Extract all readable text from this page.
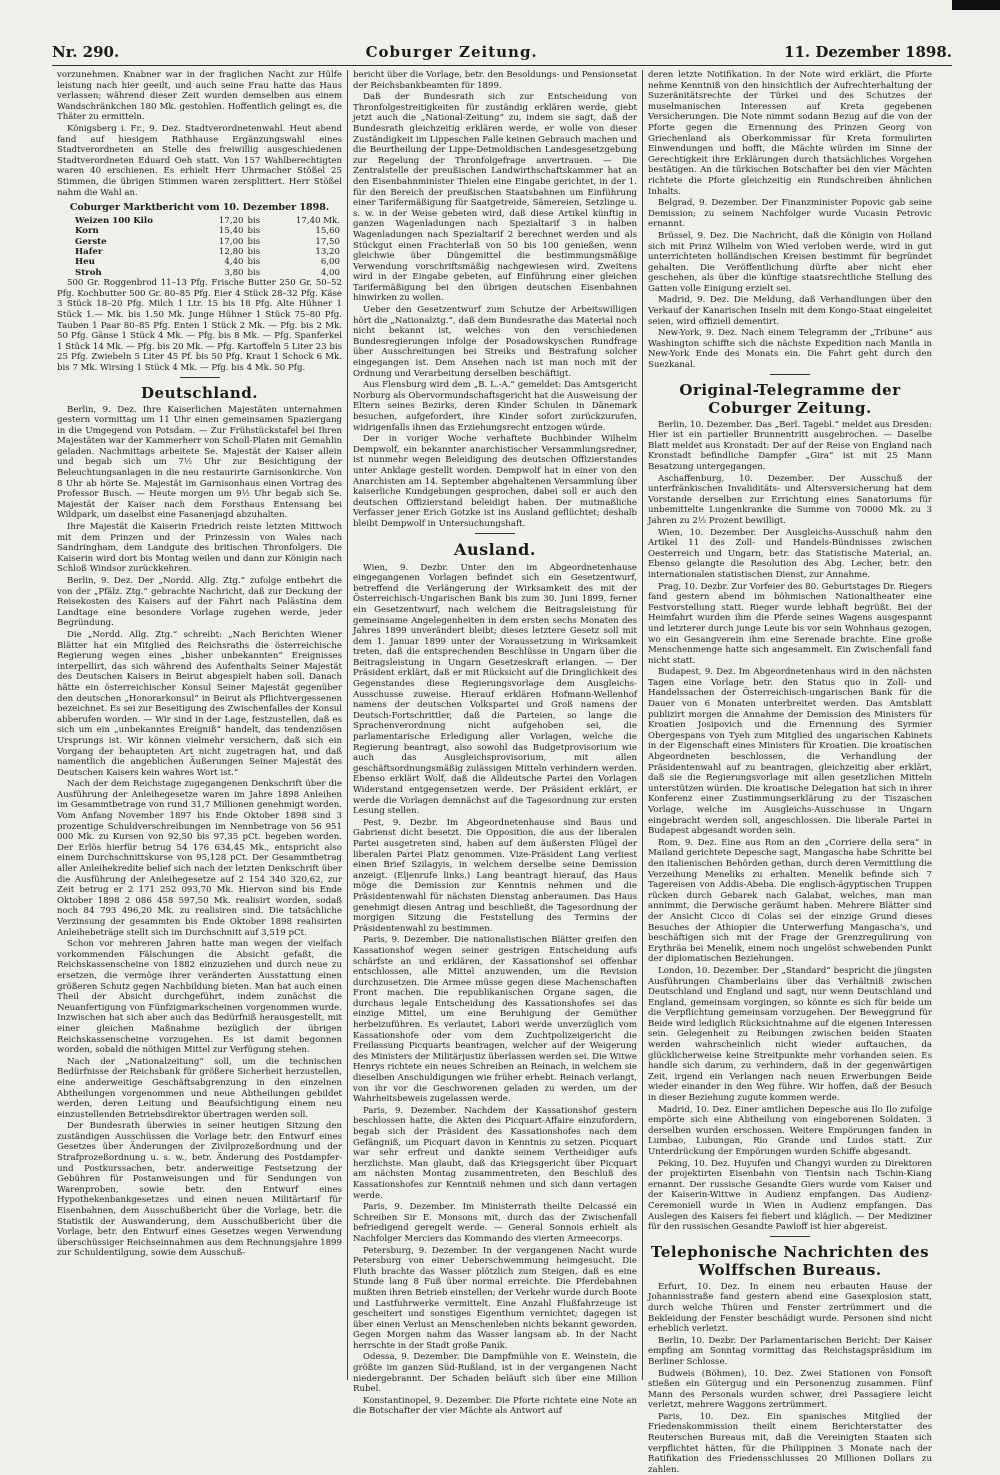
Nr. 290.	Coburger Zeitung.	11. Dezember 1898.

vorzunehmen. Knabner war in der fraglichen Nacht zur Hülfe leistung nach hier geeilt, und auch seine Frau hatte das Haus verlassen; während dieser Zeit wurden demselben aus einem Wandschränkchen 180 Mk. gestohlen. Hoffentlich gelingt es, die Thäter zu ermitteln.

Königsberg i. Fr., 9. Dez. Stadtverordnetenwahl. Heut abend fand auf hiesigem Rathhause Ergänzungswahl eines Stadtverordneten an Stelle des freiwillig ausgeschiedenen Stadtverordneten Eduard Oeh statt. Von 157 Wahlberechtigten waren 40 erschienen. Es erhielt Herr Uhrmacher Stößel 25 Stimmen, die übrigen Stimmen waren zersplittert. Herr Stößel nahm die Wahl an.

Coburger Marktbericht vom 10. Dezember 1898.
Weizen 100 Kilo	17,20	bis	17,40 Mk.
Korn	15,40	bis	15,60
Gerste	17,00	bis	17,50
Hafer	12,80	bis	13,20
Heu	4,40	bis	6,00
Stroh	3,80	bis	4,00

500 Gr. Roggenbrod 11–13 Pfg. Frische Butter 250 Gr. 50–52 Pfg. Kochbutter 500 Gr. 80–85 Pfg. Eier 4 Stück 28–32 Pfg. Käse 3 Stück 18–20 Pfg. Milch 1 Ltr. 15 bis 18 Pfg. Alte Hühner 1 Stück 1.— Mk. bis 1.50 Mk. Junge Hühner 1 Stück 75–80 Pfg. Tauben 1 Paar 80–85 Pfg. Enten 1 Stück 2 Mk. — Pfg. bis 2 Mk. 50 Pfg. Gänse 1 Stück 4 Mk. — Pfg. bis 8 Mk. — Pfg. Spanferkel 1 Stück 14 Mk. — Pfg. bis 20 Mk. — Pfg. Kartoffeln 5 Liter 23 bis 25 Pfg. Zwiebeln 5 Liter 45 Pf. bis 50 Pfg. Kraut 1 Schock 6 Mk. bis 7 Mk. Wirsing 1 Stück 4 Mk. — Pfg. bis 4 Mk. 50 Pfg.

Deutschland.

Berlin, 9. Dez. Ihre Kaiserlichen Majestäten unternahmen gestern vormittag um 11 Uhr einen gemeinsamen Spaziergang in die Umgegend von Potsdam. — Zur Frühstückstafel bei Ihren Majestäten war der Kammerherr von Scholl-Platen mit Gemahlin geladen. Nachmittags arbeitete Se. Majestät der Kaiser allein und begab sich um 7½ Uhr zur Besichtigung der Beleuchtungsanlagen in die neu restaurirte Garnisonkirche. Von 8 Uhr ab hörte Se. Majestät im Garnisonhaus einen Vortrag des Professor Busch. — Heute morgen um 9½ Uhr begab sich Se. Majestät der Kaiser nach dem Forsthaus Entensang bei Wildpark, um daselbst eine Fasanenjagd abzuhalten.

Ihre Majestät die Kaiserin Friedrich reiste letzten Mittwoch mit dem Prinzen und der Prinzessin von Wales nach Sandringham, dem Landgute des britischen Thronfolgers. Die Kaiserin wird dort bis Montag weilen und dann zur Königin nach Schloß Windsor zurückkehren.

Berlin, 9. Dez. Der „Nordd. Allg. Ztg.“ zufolge entbehrt die von der „Pfälz. Ztg.“ gebrachte Nachricht, daß zur Deckung der Reisekosten des Kaisers auf der Fahrt nach Palästina dem Landtage eine besondere Vorlage zugehen werde, jeder Begründung.

Die „Nordd. Allg. Ztg.“ schreibt: „Nach Berichten Wiener Blätter hat ein Mitglied des Reichsraths die österreichische Regierung wegen eines „bisher unbekannten“ Ereignisses interpellirt, das sich während des Aufenthalts Seiner Majestät des Deutschen Kaisers in Beirut abgespielt haben soll. Danach hätte ein österreichischer Konsul Seiner Majestät gegenüber den deutschen „Honorarkonsul“ in Beirut als Pflichtvergessenen bezeichnet. Es sei zur Beseitigung des Zwischenfalles der Konsul abberufen worden. — Wir sind in der Lage, festzustellen, daß es sich um ein „unbekanntes Ereigniß“ handelt, das tendenziösen Ursprungs ist. Wir können vielmehr versichern, daß sich ein Vorgang der behaupteten Art nicht zugetragen hat, und daß namentlich die angeblichen Äußerungen Seiner Majestät des Deutschen Kaisers kein wahres Wort ist.“

Nach der dem Reichstage zugegangenen Denkschrift über die Ausführung der Anleihegesetze waren im Jahre 1898 Anleihen im Gesammtbetrage von rund 31,7 Millionen genehmigt worden. Vom Anfang November 1897 bis Ende Oktober 1898 sind 3 prozentige Schuldverschreibungen im Nennbetrage von 56 951 000 Mk. zu Kursen von 92,50 bis 97,35 pCt. begeben worden. Der Erlös hierfür betrug 54 176 634,45 Mk., entspricht also einem Durchschnittskurse von 95,128 pCt. Der Gesammtbetrag aller Anleihekredite belief sich nach der letzten Denkschrift über die Ausführung der Anleihegesetze auf 2 154 340 320,62, zur Zeit betrug er 2 171 252 093,70 Mk. Hiervon sind bis Ende Oktober 1898 2 086 458 597,50 Mk. realisirt worden, sodaß noch 84 793 496,20 Mk. zu realisiren sind. Die tatsächliche Verzinsung der gesammten bis Ende Oktober 1898 realisirten Anleihebeträge stellt sich im Durchschnitt auf 3,519 pCt.

Schon vor mehreren Jahren hatte man wegen der vielfach vorkommenden Fälschungen die Absicht gefaßt, die Reichskassenscheine von 1882 einzuziehen und durch neue zu ersetzen, die vermöge ihrer veränderten Ausstattung einen größeren Schutz gegen Nachbildung bieten. Man hat auch einen Theil der Absicht durchgeführt, indem zunächst die Neuanfertigung von Fünfzigmarkscheinen vorgenommen wurde. Inzwischen hat sich aber auch das Bedürfniß herausgestellt, mit einer gleichen Maßnahme bezüglich der übrigen Reichskassenscheine vorzugehen. Es ist damit begonnen worden, sobald die nöthigen Mittel zur Verfügung stehen.

Nach der „Nationalzeitung“ soll, um die technischen Bedürfnisse der Reichsbank für größere Sicherheit herzustellen, eine anderweitige Geschäftsabgrenzung in den einzelnen Abtheilungen vorgenommen und neue Abtheilungen gebildet werden, deren Leitung und Beaufsichtigung einem neu einzustellenden Betriebsdirektor übertragen werden soll.

Der Bundesrath überwies in seiner heutigen Sitzung den zuständigen Ausschüssen die Vorlage betr. den Entwurf eines Gesetzes über Änderungen der Zivilprozeßordnung und der Strafprozeßordnung u. s. w., betr. Änderung des Postdampfer- und Postkurssachen, betr. anderweitige Festsetzung der Gebühren für Postanweisungen und für Sendungen von Warenproben, sowie betr. den Entwurf eines Hypothekenbankgesetzes und einen neuen Militärtarif für Eisenbahnen, dem Ausschußbericht über die Vorlage, betr. die Statistik der Auswanderung, dem Ausschußbericht über die Vorlage, betr. den Entwurf eines Gesetzes wegen Verwendung überschüssiger Reichseinnahmen aus dem Rechnungsjahre 1899 zur Schuldentilgung, sowie dem Ausschuß-

bericht über die Vorlage, betr. den Besoldungs- und Pensionsetat der Reichsbankbeamten für 1899.

Daß der Bundesrath sich zur Entscheidung von Thronfolgestreitigkeiten für zuständig erklären werde, giebt jetzt auch die „National-Zeitung“ zu, indem sie sagt, daß der Bundesrath gleichzeitig erklären werde, er wolle von dieser Zuständigkeit im Lippeschen Falle keinen Gebrauch machen und die Beurtheilung der Lippe-Detmoldischen Landesgesetzgebung zur Regelung der Thronfolgefrage anvertrauen. — Die Zentralstelle der preußischen Landwirthschaftskammer hat an den Eisenbahnminister Thielen eine Eingabe gerichtet, in der 1. für den Bereich der preußischen Staatsbahnen um Einführung einer Tarifermäßigung für Saatgetreide, Sämereien, Setzlinge u. s. w. in der Weise gebeten wird, daß diese Artikel künftig in ganzen Wagenladungen nach Spezialtarif 3 in halben Wagenladungen nach Spezialtarif 2 berechnet werden und als Stückgut einen Frachterlaß von 50 bis 100 genießen, wenn gleichwie über Düngemittel die bestimmungsmäßige Verwendung vorschriftsmäßig nachgewiesen wird. Zweitens wird in der Eingabe gebeten, auf Einführung einer gleichen Tarifermäßigung bei den übrigen deutschen Eisenbahnen hinwirken zu wollen.

Ueber den Gesetzentwurf zum Schutze der Arbeitswilligen hört die „Nationalztg.“, daß dem Bundesrathe das Material noch nicht bekannt ist, welches von den verschiedenen Bundesregierungen infolge der Posadowskyschen Rundfrage über Ausschreitungen bei Streiks und Bestrafung solcher eingegangen ist. Dem Ansehen nach ist man noch mit der Ordnung und Verarbeitung derselben beschäftigt.

Aus Flensburg wird dem „B. L.-A.“ gemeldet: Das Amtsgericht Norburg als Obervormundschaftsgericht hat die Ausweisung der Eltern seines Bezirks, deren Kinder Schulen in Dänemark besuchen, aufgefordert, ihre Kinder sofort zurückzurufen, widrigenfalls ihnen das Erziehungsrecht entzogen würde.

Der in voriger Woche verhaftete Buchbinder Wilhelm Dempwolf, ein bekannter anarchistischer Versammlungsredner, ist nunmehr wegen Beleidigung des deutschen Offizierstandes unter Anklage gestellt worden. Dempwolf hat in einer von den Anarchisten am 14. September abgehaltenen Versammlung über kaiserliche Kundgebungen gesprochen, dabei soll er auch den deutschen Offizierstand beleidigt haben. Der mutmaßliche Verfasser jener Erich Gotzke ist ins Ausland geflüchtet; deshalb bleibt Dempwolf in Untersuchungshaft.

Ausland.

Wien, 9. Dezbr. Unter den im Abgeordnetenhause eingegangenen Vorlagen befindet sich ein Gesetzentwurf, betreffend die Verlängerung der Wirksamkeit des mit der Österreichisch-Ungarischen Bank bis zum 30. Juni 1899, ferner ein Gesetzentwurf, nach welchem die Beitragsleistung für gemeinsame Angelegenheiten in dem ersten sechs Monaten des Jahres 1899 unverändert bleibt; dieses letztere Gesetz soll mit dem 1. Januar 1899 unter der Voraussetzung in Wirksamkeit treten, daß die entsprechenden Beschlüsse in Ungarn über die Beitragsleistung in Ungarn Gesetzeskraft erlangen. — Der Präsident erklärt, daß er mit Rücksicht auf die Dringlichkeit des Gegenstandes diese Regierungsvorlage dem Ausgleichs-Ausschusse zuweise. Hierauf erklären Hofmann-Wellenhof namens der deutschen Volkspartei und Groß namens der Deutsch-Fortschrittler, daß die Parteien, so lange die Sprachenverordnung nicht aufgehoben sei, die parlamentarische Erledigung aller Vorlagen, welche die Regierung beantragt, also sowohl das Budgetprovisorium wie auch das Ausgleichsprovisorium, mit allen geschäftsordnungsmäßig zulässigen Mitteln verhindern werden. Ebenso erklärt Wolf, daß die Alldeutsche Partei den Vorlagen Widerstand entgegensetzen werde. Der Präsident erklärt, er werde die Vorlagen demnächst auf die Tagesordnung zur ersten Lesung stellen.

Pest, 9. Dezbr. Im Abgeordnetenhause sind Baus und Gabrienst dicht besetzt. Die Opposition, die aus der liberalen Partei ausgetreten sind, haben auf dem äußersten Flügel der liberalen Partei Platz genommen. Vize-Präsident Lang verliest einen Brief Szilagyis, in welchem derselbe seine Demission anzeigt. (Eljenrufe links.) Lang beantragt hierauf, das Haus möge die Demission zur Kenntnis nehmen und die Präsidentenwahl für nächsten Dienstag anberaumen. Das Haus genehmigt diesen Antrag und beschließt, die Tagesordnung der morgigen Sitzung die Feststellung des Termins der Präsidentenwahl zu bestimmen.

Paris, 9. Dezember. Die nationalistischen Blätter greifen den Kassationshof wegen seiner gestrigen Entscheidung aufs schärfste an und erklären, der Kassationshof sei offenbar entschlossen, alle Mittel anzuwenden, um die Revision durchzusetzen. Die Armee müsse gegen diese Machenschaften Front machen. Die republikanischen Organe sagen, die durchaus legale Entscheidung des Kassationshofes sei das einzige Mittel, um eine Beruhigung der Gemüther herbeizuführen. Es verlautet, Labori werde unverzüglich vom Kassationshofe oder vom dem Zuchtpolizeigericht die Freilassung Picquarts beantragen, welcher auf der Weigerung des Ministers der Militärjustiz überlassen werden sei. Die Witwe Henrys richtete ein neues Schreiben an Reinach, in welchem sie dieselben Anschuldigungen wie früher erhebt. Reinach verlangt, von ihr vor die Geschworenen geladen zu werden, um der Wahrheitsbeweis zugelassen werde.

Paris, 9. Dezember. Nachdem der Kassationshof gestern beschlossen hatte, die Akten des Picquart-Affaire einzufordern, begab sich der Präsident des Kassationshofes nach dem Gefängniß, um Picquart davon in Kenntnis zu setzen. Picquart war sehr erfreut und dankte seinem Vertheidiger aufs herzlichste. Man glaubt, daß das Kriegsgericht über Picquart am nächsten Montag zusammentreten, den Beschluß des Kassationshofes zur Kenntniß nehmen und sich dann vertagen werde.

Paris, 9. Dezember. Im Ministerrath theilte Delcassé ein Schreiben Sir E. Monsons mit, durch das der Zwischenfall befriedigend geregelt werde. — General Sonnois erhielt als Nachfolger Merciers das Kommando des vierten Armeecorps.

Petersburg, 9. Dezember. In der vergangenen Nacht wurde Petersburg von einer Ueberschwemmung heimgesucht. Die Fluth brachte das Wasser plötzlich zum Steigen, daß es eine Stunde lang 8 Fuß über normal erreichte. Die Pferdebahnen mußten ihren Betrieb einstellen; der Verkehr wurde durch Boote und Lastfuhrwerke vermittelt. Eine Anzahl Flußfahrzeuge ist gescheitert und sonstiges Eigenthum vernichtet; dagegen ist über einen Verlust an Menschenleben nichts bekannt geworden. Gegen Morgen nahm das Wasser langsam ab. In der Nacht herrschte in der Stadt große Panik.

Odessa, 9. Dezember. Die Dampfmühle von E. Weinstein, die größte im ganzen Süd-Rußland, ist in der vergangenen Nacht niedergebrannt. Der Schaden beläuft sich über eine Million Rubel.

Konstantinopel, 9. Dezember. Die Pforte richtete eine Note an die Botschafter der vier Mächte als Antwort auf

deren letzte Notifikation. In der Note wird erklärt, die Pforte nehme Kenntniß von den hinsichtlich der Aufrechterhaltung der Suzeränitätsrechte der Türkei und des Schutzes der muselmanischen Interessen auf Kreta gegebenen Versicherungen. Die Note nimmt sodann Bezug auf die von der Pforte gegen die Ernennung des Prinzen Georg von Griechenland als Oberkommissar für Kreta formulirten Einwendungen und hofft, die Mächte würden im Sinne der Gerechtigkeit ihre Erklärungen durch thatsächliches Vorgehen bestätigen. An die türkischen Botschafter bei den vier Mächten richtete die Pforte gleichzeitig ein Rundschreiben ähnlichen Inhalts.

Belgrad, 9. Dezember. Der Finanzminister Popovic gab seine Demission; zu seinem Nachfolger wurde Vucasin Petrovic ernannt.

Brüssel, 9. Dez. Die Nachricht, daß die Königin von Holland sich mit Prinz Wilhelm von Wied verloben werde, wird in gut unterrichteten holländischen Kreisen bestimmt für begründet gehalten. Die Veröffentlichung dürfte aber nicht eher geschehen, als über die künftige staatsrechtliche Stellung des Gatten volle Einigung erzielt sei.

Madrid, 9. Dez. Die Meldung, daß Verhandlungen über den Verkauf der Kanarischen Inseln mit dem Kongo-Staat eingeleitet seien, wird offiziell dementirt.

New-York, 9. Dez. Nach einem Telegramm der „Tribune“ aus Washington schiffte sich die nächste Expedition nach Manila in New-York Ende des Monats ein. Die Fahrt geht durch den Suezkanal.

Original-Telegramme der Coburger Zeitung.

Berlin, 10. Dezember. Das „Berl. Tagebl.“ meldet aus Dresden: Hier ist ein partieller Brunnentritt ausgebrochen. — Daselbe Blatt meldet aus Kronstadt: Der auf der Reise von England nach Kronstadt befindliche Dampfer „Gira“ ist mit 25 Mann Besatzung untergegangen.

Aschaffenburg, 10. Dezember. Der Ausschuß der unterfränkischen Invaliditäts- und Altersversicherung hat dem Vorstande derselben zur Errichtung eines Sanatoriums für unbemittelte Lungenkranke die Summe von 70000 Mk. zu 3 Jahren zu 2½ Prozent bewilligt.

Wien, 10. Dezember. Der Ausgleichs-Ausschuß nahm den Artikel 11 des Zoll- und Handels-Bündnisses zwischen Oesterreich und Ungarn, betr. das Statistische Material, an. Ebenso gelangte die Resolution des Abg. Lecher, betr. den internationalen statistischen Dienst, zur Annahme.

Prag, 10. Dezbr. Zur Vorfeier des 80. Geburtstages Dr. Riegers fand gestern abend im böhmischen Nationaltheater eine Festvorstellung statt. Rieger wurde lebhaft begrüßt. Bei der Heimfahrt wurden ihm die Pferde seines Wagens ausgespannt und letzterer durch junge Leute bis vor sein Wohnhaus gezogen, wo ein Gesangverein ihm eine Serenade brachte. Eine große Menschenmenge hatte sich angesammelt. Ein Zwischenfall fand nicht statt.

Budapest, 9. Dez. Im Abgeordnetenhaus wird in den nächsten Tagen eine Vorlage betr. den Status quo in Zoll- und Handelssachen der Österreichisch-ungarischen Bank für die Dauer von 6 Monaten unterbreitet werden. Das Amtsblatt publizirt morgen die Annahme der Demission des Ministers für Kroatien Josipovich und die Ernennung des Syrmier Obergespans von Tyeh zum Mitglied des ungarischen Kabinets in der Eigenschaft eines Ministers für Kroatien. Die kroatischen Abgeordneten beschlossen, die Verhandlung der Präsidentenwahl auf zu beantragen, gleichzeitig aber erklärt, daß sie die Regierungsvorlage mit allen gesetzlichen Mitteln unterstützen würden. Die kroatische Delegation hat sich in ihrer Konferenz einer Zustimmungserklärung zu der Tiszaschen Vorlage, welche im Ausgleichs-Ausschusse in Ungarn eingebracht werden soll, angeschlossen. Die liberale Partei in Budapest abgesandt worden sein.

Rom, 9. Dez. Eine aus Rom an den „Corriere della sera“ in Mailand gerichtete Depesche sagt, Mangascha habe Schritte bei den italienischen Behörden gethan, durch deren Vermittlung die Verzeihung Meneliks zu erhalten. Menelik befinde sich 7 Tagereisen von Addis-Abeba. Die englisch-ägyptischen Truppen rücken durch Gebarek nach Galabat, welches, man man annimmt, die Derwische geräumt haben. Mehrere Blätter sind der Ansicht Cicco di Colas sei der einzige Grund dieses Besuches der Athiopier die Unterwerfung Mangascha's, und beschäftigen sich mit der Frage der Grenzregulirung von Erythräa bei Menelik, einem noch ungelöst schwebenden Punkt der diplomatischen Beziehungen.

London, 10. Dezember. Der „Standard“ bespricht die jüngsten Ausführungen Chamberlains über das Verhältniß zwischen Deutschland und England und sagt, nur wenn Deutschland und England, gemeinsam vorgingen, so könnte es sich für beide um die Verpflichtung gemeinsam vorzugehen. Der Beweggrund für Beide wird lediglich Rücksichtnahme auf die eigenen Interessen sein. Gelegenheit zu Reibungen zwischen beiden Staaten werden wahrscheinlich nicht wieder auftauchen, da glücklicherweise keine Streitpunkte mehr vorhanden seien. Es handle sich darum, zu verhindern, daß in der gegenwärtigen Zeit, irgend ein Verlangen nach neuen Erwerbungen Beide wieder einander in den Weg führe. Wir hoffen, daß der Besuch in dieser Beziehung zugute kommen werde.

Madrid, 10. Dez. Einer amtlichen Depesche aus Ilo Ilo zufolge empörte sich eine Abtheilung von eingeborenen Soldaten. 3 derselben wurden erschossen. Weitere Empörungen fanden in Lumbao, Lubungan, Rio Grande und Ludos statt. Zur Unterdrückung der Empörungen wurden Schiffe abgesandt.

Peking, 10. Dez. Huyufen und Changyi wurden zu Direktoren der projektirten Eisenbahn von Tientsin nach Tschin-Kiang ernannt. Der russische Gesandte Giers wurde vom Kaiser und der Kaiserin-Wittwe in Audienz empfangen. Das Audienz-Ceremoniell wurde in Wien in Audienz empfangen. Das Auslegen des Kaisers fei fiebert und kläglich. — Der Mediziner für den russischen Gesandte Pawloff ist hier abgereist.

Telephonische Nachrichten des Wolffschen Bureaus.

Erfurt, 10. Dez. In einem neu erbauten Hause der Johannisstraße fand gestern abend eine Gasexplosion statt, durch welche Thüren und Fenster zertrümmert und die Bekleidung der Fenster beschädigt wurde. Personen sind nicht erheblich verletzt.

Berlin, 10. Dezbr. Der Parlamentarischen Bericht: Der Kaiser empfing am Sonntag vormittag das Reichstagspräsidium im Berliner Schlosse.

Budweis (Böhmen), 10. Dez. Zwei Stationen von Fonsoft stießen ein Gütergug und ein Personenzug zusammen. Fünf Mann des Personals wurden schwer, drei Passagiere leicht verletzt, mehrere Waggons zertrümmert.

Paris, 10. Dez. Ein spanisches Mitglied der Friedenskommission theilt einem Berichterstatter des Reuterschen Bureaus mit, daß die Vereinigten Staaten sich verpflichtet hätten, für die Philippinen 3 Monate nach der Ratifikation des Friedensschlusses 20 Millionen Dollars zu zahlen.
